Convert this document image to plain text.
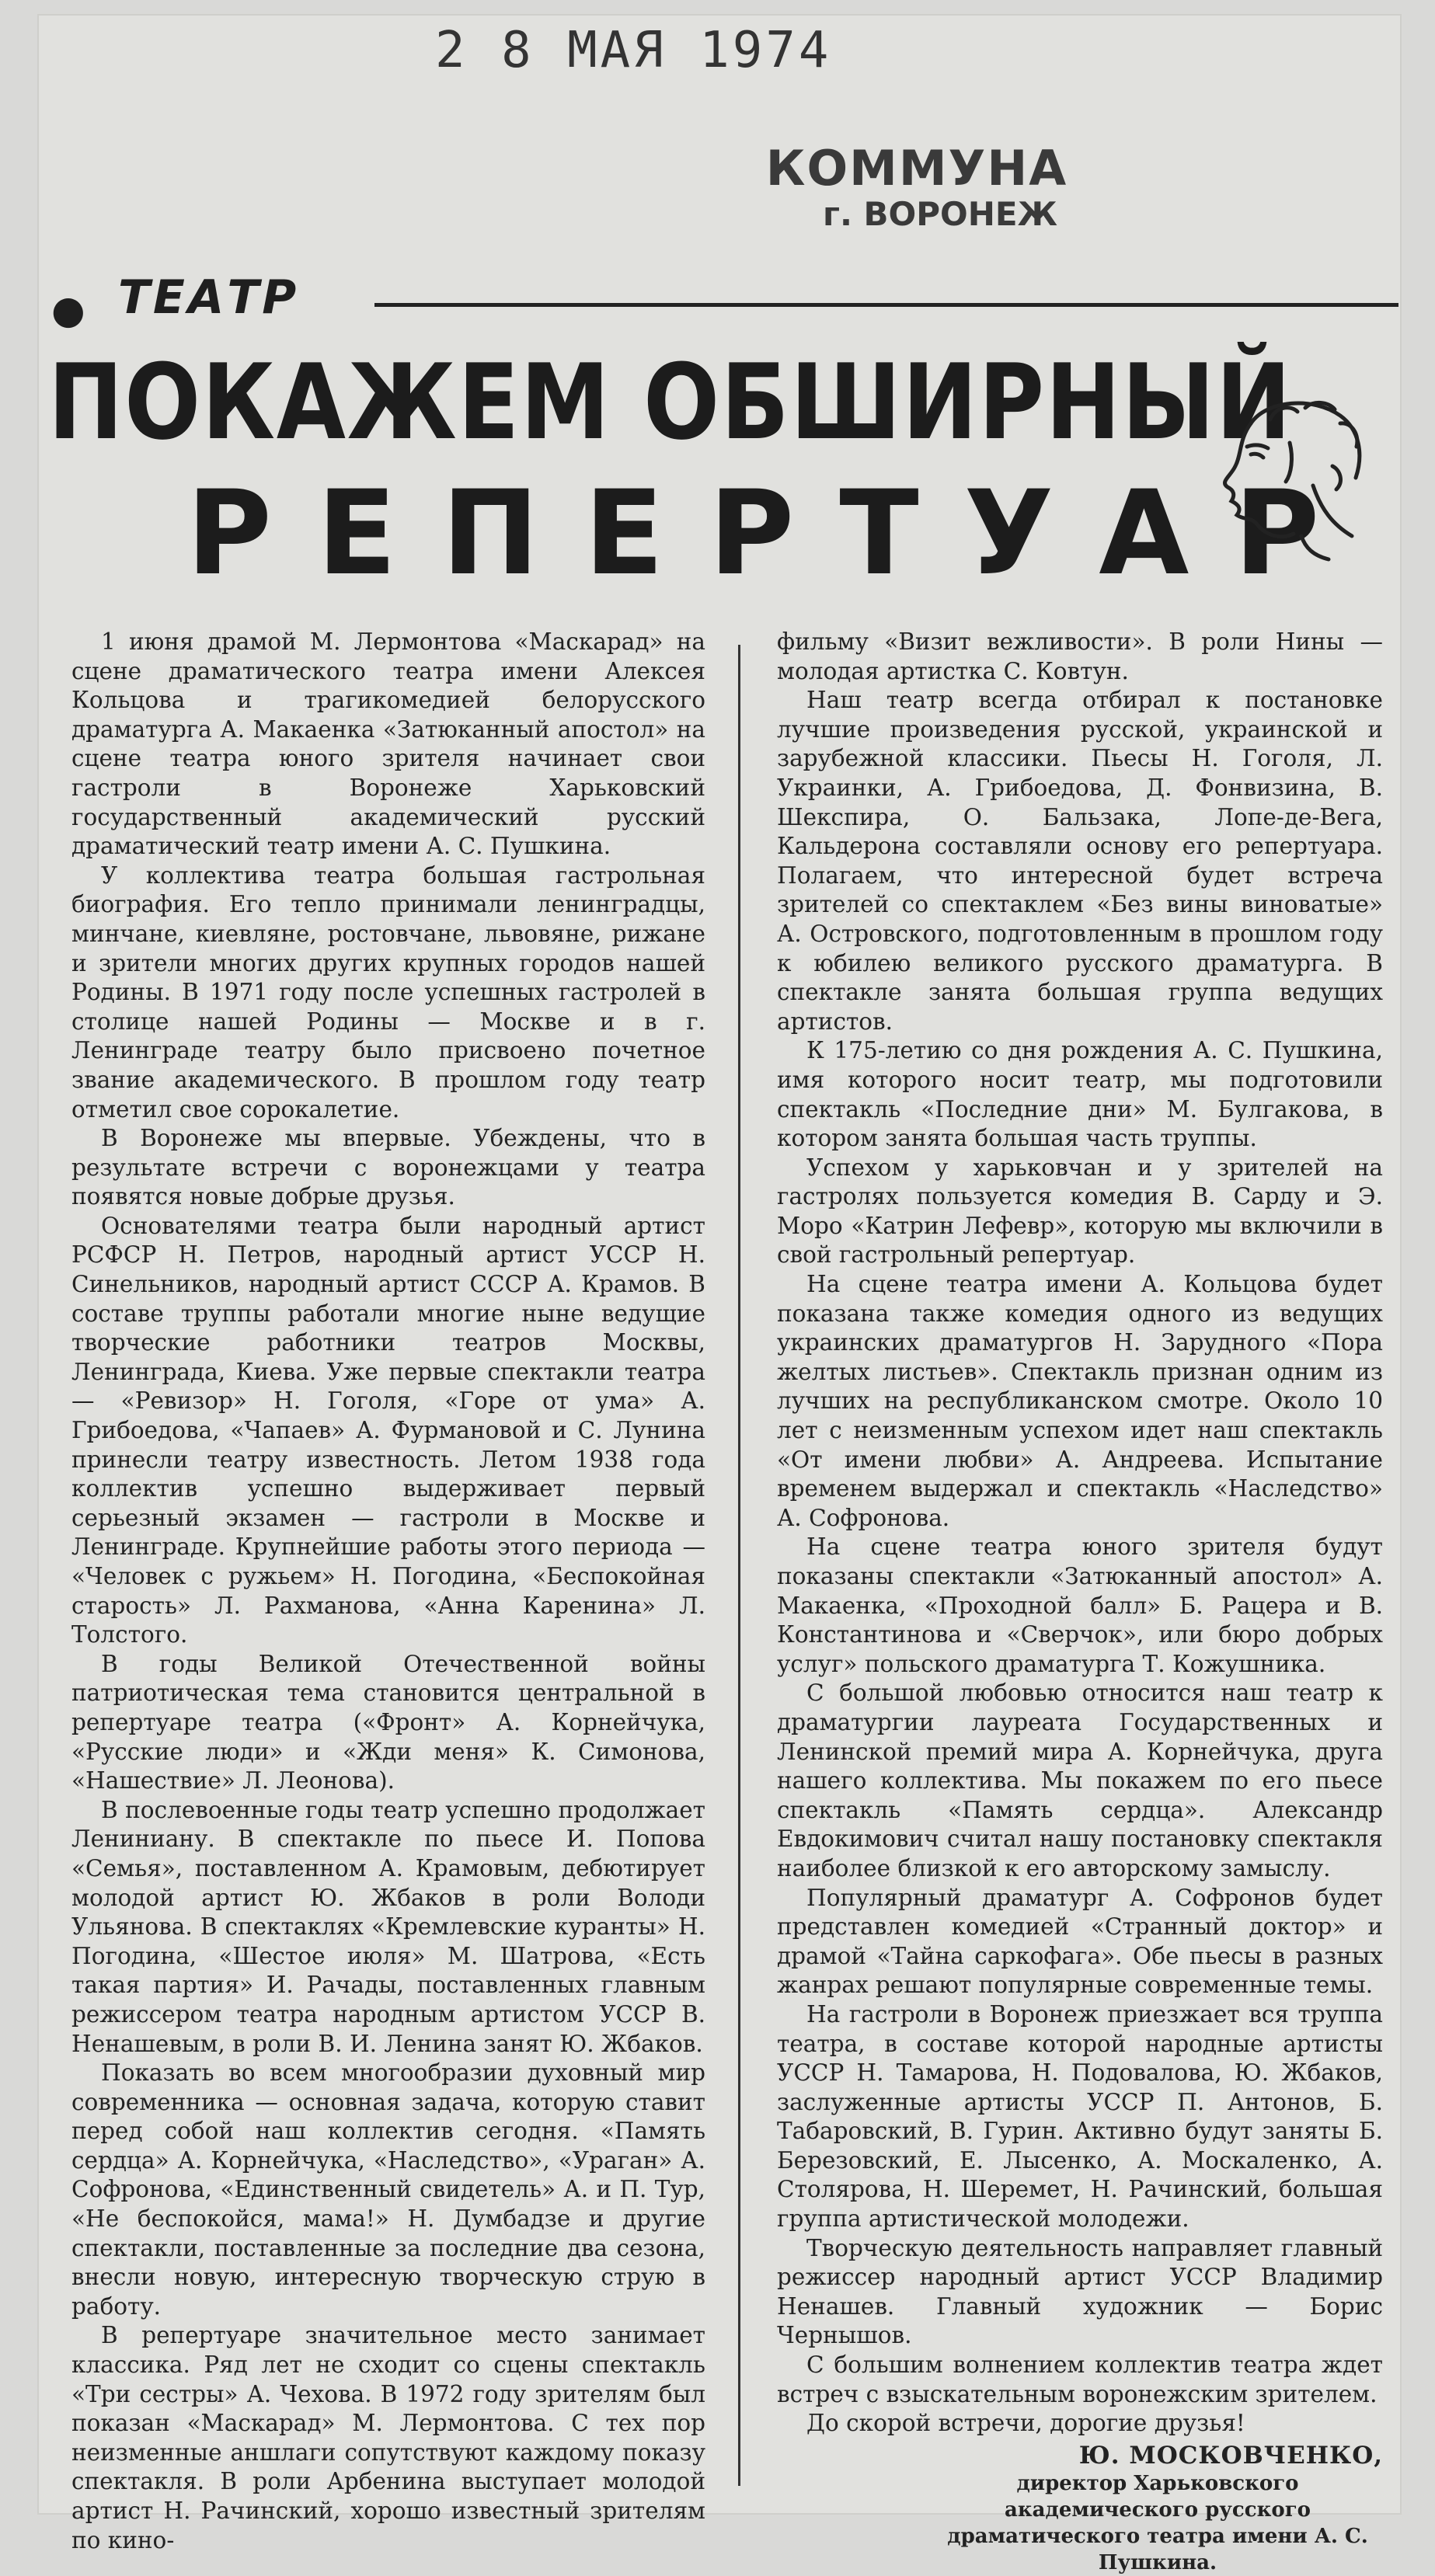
2 8 МАЯ 1974
КОММУНА
г. ВОРОНЕЖ
● ТЕАТР
ПОКАЖЕМ ОБШИРНЫЙ
РЕПЕРТУАР

1 июня драмой М. Лермонтова «Маскарад» на сцене драматического театра имени Алексея Кольцова и трагикомедией белорусского драматурга А. Макаенка «Затюканный апостол» на сцене театра юного зрителя начинает свои гастроли в Воронеже Харьковский государственный академический русский драматический театр имени А. С. Пушкина.

У коллектива театра большая гастрольная биография. Его тепло принимали ленинградцы, минчане, киевляне, ростовчане, львовяне, рижане и зрители многих других крупных городов нашей Родины. В 1971 году после успешных гастролей в столице нашей Родины — Москве и в г. Ленинграде театру было присвоено почетное звание академического. В прошлом году театр отметил свое сорокалетие.

В Воронеже мы впервые. Убеждены, что в результате встречи с воронежцами у театра появятся новые добрые друзья.

Основателями театра были народный артист РСФСР Н. Петров, народный артист УССР Н. Синельников, народный артист СССР А. Крамов. В составе труппы работали многие ныне ведущие творческие работники театров Москвы, Ленинграда, Киева. Уже первые спектакли театра — «Ревизор» Н. Гоголя, «Горе от ума» А. Грибоедова, «Чапаев» А. Фурмановой и С. Лунина принесли театру известность. Летом 1938 года коллектив успешно выдерживает первый серьезный экзамен — гастроли в Москве и Ленинграде. Крупнейшие работы этого периода — «Человек с ружьем» Н. Погодина, «Беспокойная старость» Л. Рахманова, «Анна Каренина» Л. Толстого.

В годы Великой Отечественной войны патриотическая тема становится центральной в репертуаре театра («Фронт» А. Корнейчука, «Русские люди» и «Жди меня» К. Симонова, «Нашествие» Л. Леонова).

В послевоенные годы театр успешно продолжает Лениниану. В спектакле по пьесе И. Попова «Семья», поставленном А. Крамовым, дебютирует молодой артист Ю. Жбаков в роли Володи Ульянова. В спектаклях «Кремлевские куранты» Н. Погодина, «Шестое июля» М. Шатрова, «Есть такая партия» И. Рачады, поставленных главным режиссером театра народным артистом УССР В. Ненашевым, в роли В. И. Ленина занят Ю. Жбаков.

Показать во всем многообразии духовный мир современника — основная задача, которую ставит перед собой наш коллектив сегодня. «Память сердца» А. Корнейчука, «Наследство», «Ураган» А. Софронова, «Единственный свидетель» А. и П. Тур, «Не беспокойся, мама!» Н. Думбадзе и другие спектакли, поставленные за последние два сезона, внесли новую, интересную творческую струю в работу.

В репертуаре значительное место занимает классика. Ряд лет не сходит со сцены спектакль «Три сестры» А. Чехова. В 1972 году зрителям был показан «Маскарад» М. Лермонтова. С тех пор неизменные аншлаги сопутствуют каждому показу спектакля. В роли Арбенина выступает молодой артист Н. Рачинский, хорошо известный зрителям по кино-

фильму «Визит вежливости». В роли Нины — молодая артистка С. Ковтун.

Наш театр всегда отбирал к постановке лучшие произведения русской, украинской и зарубежной классики. Пьесы Н. Гоголя, Л. Украинки, А. Грибоедова, Д. Фонвизина, В. Шекспира, О. Бальзака, Лопе-де-Вега, Кальдерона составляли основу его репертуара. Полагаем, что интересной будет встреча зрителей со спектаклем «Без вины виноватые» А. Островского, подготовленным в прошлом году к юбилею великого русского драматурга. В спектакле занята большая группа ведущих артистов.

К 175-летию со дня рождения А. С. Пушкина, имя которого носит театр, мы подготовили спектакль «Последние дни» М. Булгакова, в котором занята большая часть труппы.

Успехом у харьковчан и у зрителей на гастролях пользуется комедия В. Сарду и Э. Моро «Катрин Лефевр», которую мы включили в свой гастрольный репертуар.

На сцене театра имени А. Кольцова будет показана также комедия одного из ведущих украинских драматургов Н. Зарудного «Пора желтых листьев». Спектакль признан одним из лучших на республиканском смотре. Около 10 лет с неизменным успехом идет наш спектакль «От имени любви» А. Андреева. Испытание временем выдержал и спектакль «Наследство» А. Софронова.

На сцене театра юного зрителя будут показаны спектакли «Затюканный апостол» А. Макаенка, «Проходной балл» Б. Рацера и В. Константинова и «Сверчок», или бюро добрых услуг» польского драматурга Т. Кожушника.

С большой любовью относится наш театр к драматургии лауреата Государственных и Ленинской премий мира А. Корнейчука, друга нашего коллектива. Мы покажем по его пьесе спектакль «Память сердца». Александр Евдокимович считал нашу постановку спектакля наиболее близкой к его авторскому замыслу.

Популярный драматург А. Софронов будет представлен комедией «Странный доктор» и драмой «Тайна саркофага». Обе пьесы в разных жанрах решают популярные современные темы.

На гастроли в Воронеж приезжает вся труппа театра, в составе которой народные артисты УССР Н. Тамарова, Н. Подовалова, Ю. Жбаков, заслуженные артисты УССР П. Антонов, Б. Табаровский, В. Гурин. Активно будут заняты Б. Березовский, Е. Лысенко, А. Москаленко, А. Столярова, Н. Шеремет, Н. Рачинский, большая группа артистической молодежи.

Творческую деятельность направляет главный режиссер народный артист УССР Владимир Ненашев. Главный художник — Борис Чернышов.

С большим волнением коллектив театра ждет встреч с взыскательным воронежским зрителем.

До скорой встречи, дорогие друзья!

Ю. МОСКОВЧЕНКО,
директор Харьковского академического русского драматического театра имени А. С. Пушкина.
